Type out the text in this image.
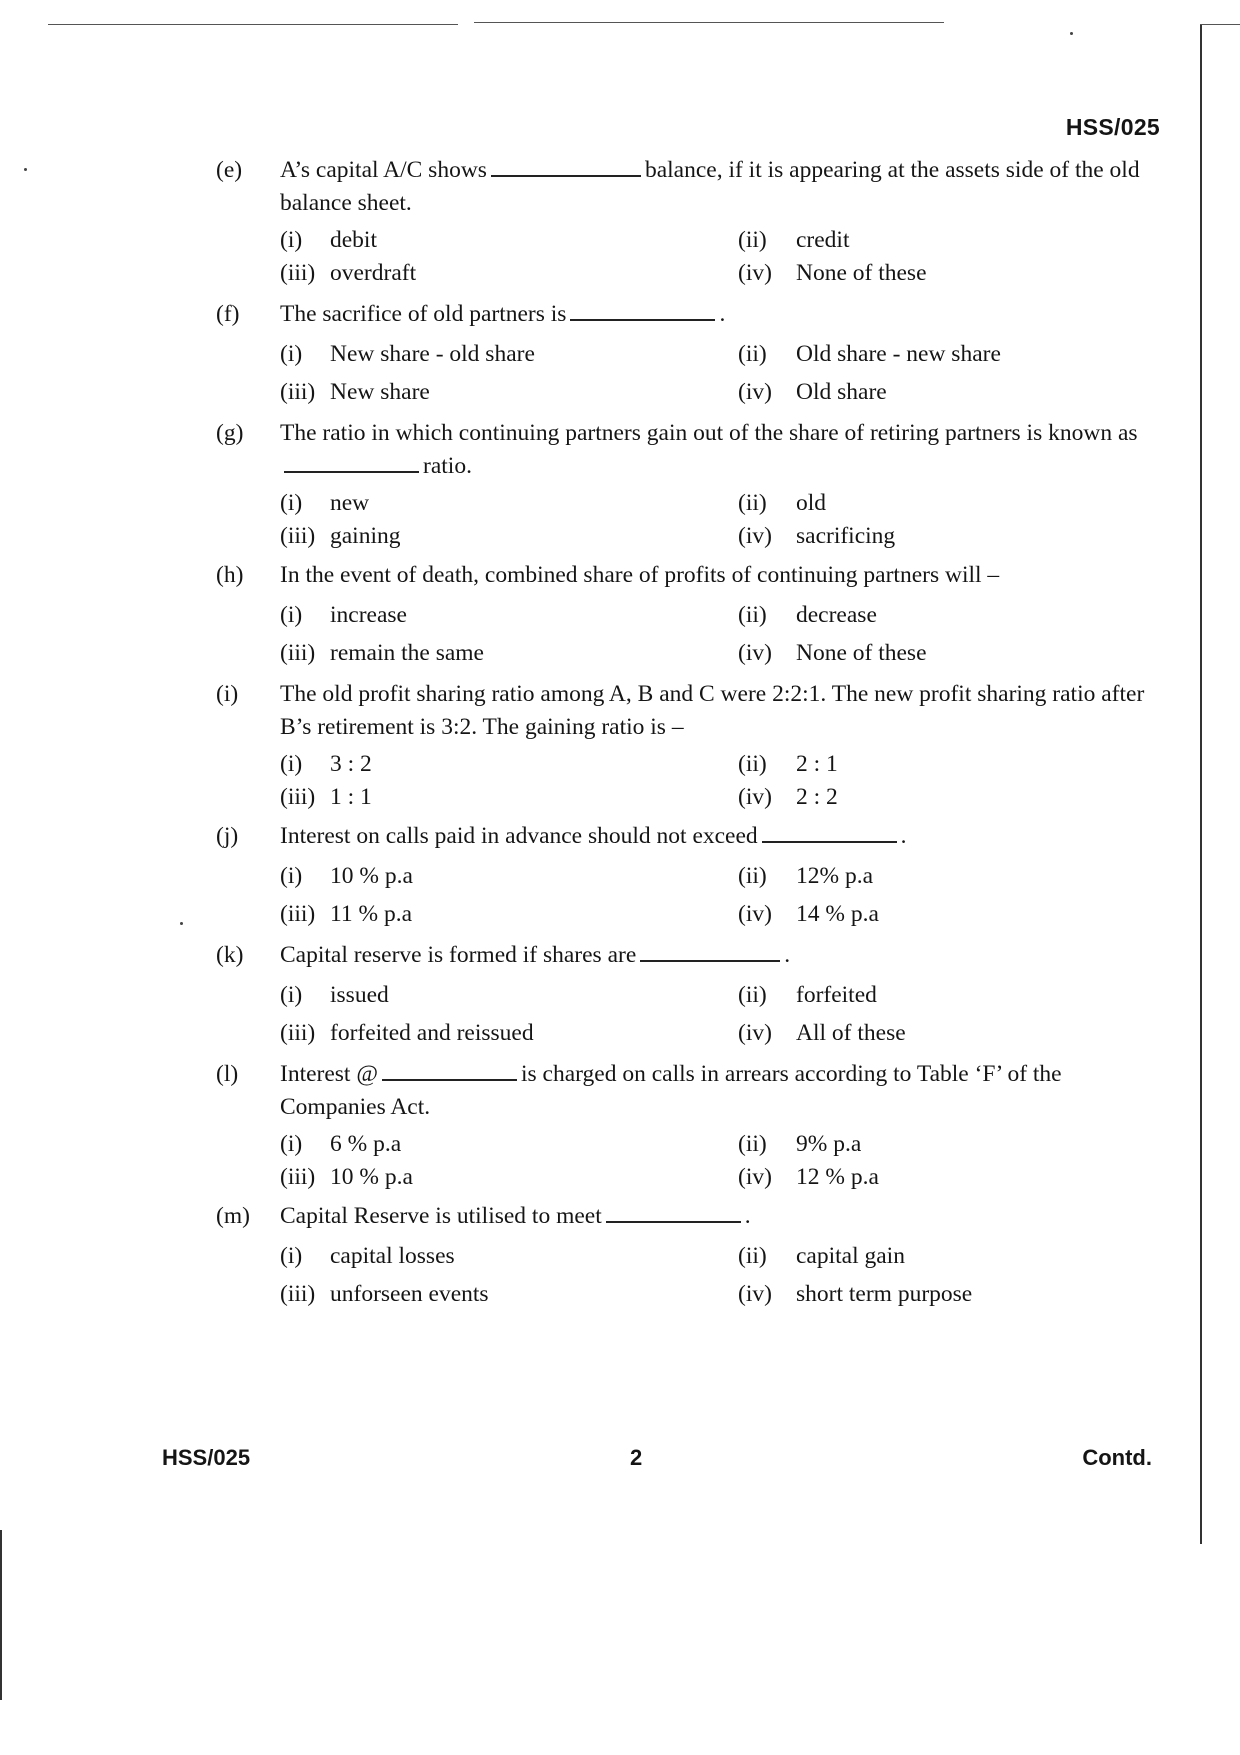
HSS/025
(e) A’s capital A/C shows	balance, if it is appearing at the assets side of the old balance sheet.
(i)	debit	(ii)	credit
(iii) overdraft	(iv)	None of these
(f) The sacrifice of old partners is	.
(i)	New share - old share	(ii)	Old share - new share
(iii) New share	(iv)	Old share
(g) The ratio in which continuing partners gain out of the share of retiring partners is known asratio.
(i)	new	(ii)	old
(iii) gaining	(iv)	sacrificing
(h) In the event of death, combined share of profits of continuing partners will –
(i)	increase	(ii)	decrease
(iii) remain the same	(iv)	None of these
(i) The old profit sharing ratio among A, B and C were 2:2:1. The new profit sharing ratio after B’s retirement is 3:2. The gaining ratio is –
(i)	3 : 2	(ii)	2 : 1
(iii) 1 : 1	(iv)	2 : 2
(j) Interest on calls paid in advance should not exceed	.
(i)	10 % p.a	(ii)	12% p.a
(iii) 11 % p.a	(iv)	14 % p.a
(k) Capital reserve is formed if shares are	.
(i)	issued	(ii)	forfeited
(iii) forfeited and reissued	(iv)	All of these
(l) Interest @	is charged on calls in arrears according to Table ‘F’ of the Companies Act.
(i)	6 % p.a	(ii)	9% p.a
(iii) 10 % p.a	(iv)	12 % p.a
(m) Capital Reserve is utilised to meet	.
(i)	capital losses	(ii)	capital gain
(iii) unforseen events	(iv)	short term purpose
HSS/025	2	Contd.
